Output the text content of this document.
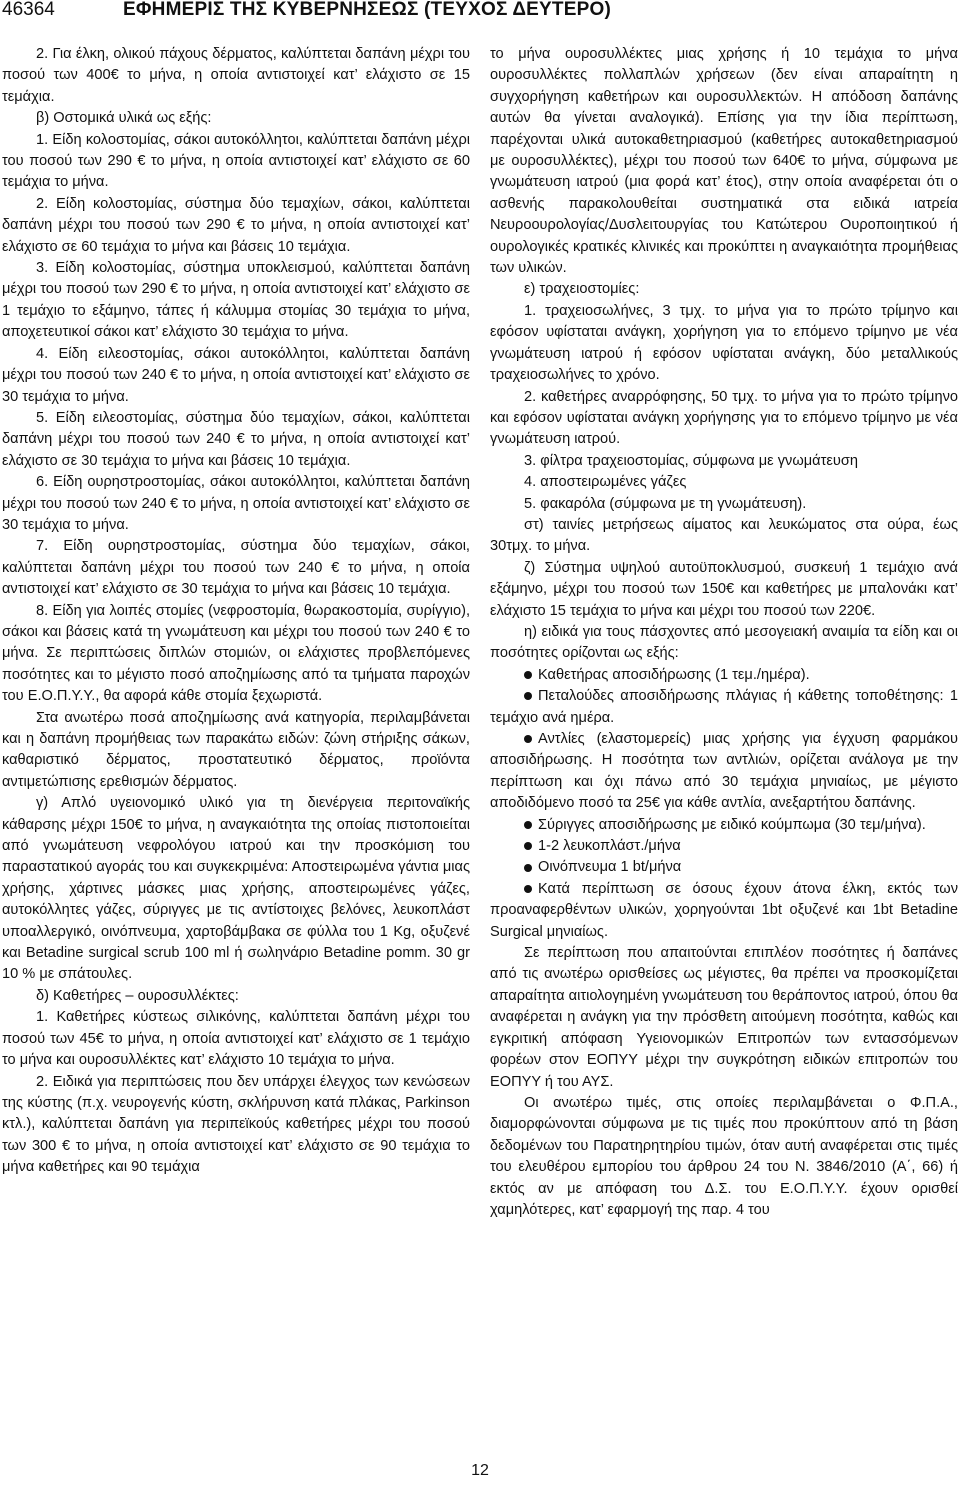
46364	ΕΦΗΜΕΡΙΣ ΤΗΣ ΚΥΒΕΡΝΗΣΕΩΣ (ΤΕΥΧΟΣ ΔΕΥΤΕΡΟ)

2. Για έλκη, ολικού πάχους δέρματος, καλύπτεται δαπάνη μέχρι του ποσού των 400€ το μήνα, η οποία αντιστοιχεί κατ’ ελάχιστο σε 15 τεμάχια.

β) Οστομικά υλικά ως εξής:

1. Είδη κολοστομίας, σάκοι αυτοκόλλητοι, καλύπτεται δαπάνη μέχρι του ποσού των 290 € το μήνα, η οποία αντιστοιχεί κατ’ ελάχιστο σε 60 τεμάχια το μήνα.

2. Είδη κολοστομίας, σύστημα δύο τεμαχίων, σάκοι, καλύπτεται δαπάνη μέχρι του ποσού των 290 € το μήνα, η οποία αντιστοιχεί κατ’ ελάχιστο σε 60 τεμάχια το μήνα και βάσεις 10 τεμάχια.

3. Είδη κολοστομίας, σύστημα υποκλεισμού, καλύπτεται δαπάνη μέχρι του ποσού των 290 € το μήνα, η οποία αντιστοιχεί κατ’ ελάχιστο σε 1 τεμάχιο το εξάμηνο, τάπες ή κάλυμμα στομίας 30 τεμάχια το μήνα, αποχετευτικοί σάκοι κατ’ ελάχιστο 30 τεμάχια το μήνα.

4. Είδη ειλεοστομίας, σάκοι αυτοκόλλητοι, καλύπτεται δαπάνη μέχρι του ποσού των 240 € το μήνα, η οποία αντιστοιχεί κατ’ ελάχιστο σε 30 τεμάχια το μήνα.

5. Είδη ειλεοστομίας, σύστημα δύο τεμαχίων, σάκοι, καλύπτεται δαπάνη μέχρι του ποσού των 240 € το μήνα, η οποία αντιστοιχεί κατ’ ελάχιστο σε 30 τεμάχια το μήνα και βάσεις 10 τεμάχια.

6. Είδη ουρηστροστομίας, σάκοι αυτοκόλλητοι, καλύπτεται δαπάνη μέχρι του ποσού των 240 € το μήνα, η οποία αντιστοιχεί κατ’ ελάχιστο σε 30 τεμάχια το μήνα.

7. Είδη ουρηστροστομίας, σύστημα δύο τεμαχίων, σάκοι, καλύπτεται δαπάνη μέχρι του ποσού των 240 € το μήνα, η οποία αντιστοιχεί κατ’ ελάχιστο σε 30 τεμάχια το μήνα και βάσεις 10 τεμάχια.

8. Είδη για λοιπές στομίες (νεφροστομία, θωρακοστομία, συρίγγιο), σάκοι και βάσεις κατά τη γνωμάτευση και μέχρι του ποσού των 240 € το μήνα. Σε περιπτώσεις διπλών στομιών, οι ελάχιστες προβλεπόμενες ποσότητες και το μέγιστο ποσό αποζημίωσης από τα τμήματα παροχών του Ε.Ο.Π.Υ.Υ., θα αφορά κάθε στομία ξεχωριστά.

Στα ανωτέρω ποσά αποζημίωσης ανά κατηγορία, περιλαμβάνεται και η δαπάνη προμήθειας των παρακάτω ειδών: ζώνη στήριξης σάκων, καθαριστικό δέρματος, προστατευτικό δέρματος, προϊόντα αντιμετώπισης ερεθισμών δέρματος.

γ) Απλό υγειονομικό υλικό για τη διενέργεια περιτοναϊκής κάθαρσης μέχρι 150€ το μήνα, η αναγκαιότητα της οποίας πιστοποιείται από γνωμάτευση νεφρολόγου ιατρού και την προσκόμιση του παραστατικού αγοράς του και συγκεκριμένα: Αποστειρωμένα γάντια μιας χρήσης, χάρτινες μάσκες μιας χρήσης, αποστειρωμένες γάζες, αυτοκόλλητες γάζες, σύριγγες με τις αντίστοιχες βελόνες, λευκοπλάστ υποαλλεργικό, οινόπνευμα, χαρτοβάμβακα σε φύλλα του 1 Kg, οξυζενέ και Betadine surgical scrub 100 ml ή σωληνάριο Betadine pomm. 30 gr 10 % με σπάτουλες.

δ) Καθετήρες – ουροσυλλέκτες:

1. Καθετήρες κύστεως σιλικόνης, καλύπτεται δαπάνη μέχρι του ποσού των 45€ το μήνα, η οποία αντιστοιχεί κατ’ ελάχιστο σε 1 τεμάχιο το μήνα και ουροσυλλέκτες κατ’ ελάχιστο 10 τεμάχια το μήνα.

2. Ειδικά για περιπτώσεις που δεν υπάρχει έλεγχος των κενώσεων της κύστης (π.χ. νευρογενής κύστη, σκλήρυνση κατά πλάκας, Parkinson κτλ.), καλύπτεται δαπάνη για περιπεϊκούς καθετήρες μέχρι του ποσού των 300 € το μήνα, η οποία αντιστοιχεί κατ’ ελάχιστο σε 90 τεμάχια το μήνα καθετήρες και 90 τεμάχια

το μήνα ουροσυλλέκτες μιας χρήσης ή 10 τεμάχια το μήνα ουροσυλλέκτες πολλαπλών χρήσεων (δεν είναι απαραίτητη η συγχορήγηση καθετήρων και ουροσυλλεκτών. Η απόδοση δαπάνης αυτών θα γίνεται αναλογικά). Επίσης για την ίδια περίπτωση, παρέχονται υλικά αυτοκαθετηριασμού (καθετήρες αυτοκαθετηριασμού με ουροσυλλέκτες), μέχρι του ποσού των 640€ το μήνα, σύμφωνα με γνωμάτευση ιατρού (μια φορά κατ’ έτος), στην οποία αναφέρεται ότι ο ασθενής παρακολουθείται συστηματικά στα ειδικά ιατρεία Νευροουρολογίας/Δυσλειτουργίας του Κατώτερου Ουροποιητικού ή ουρολογικές κρατικές κλινικές και προκύπτει η αναγκαιότητα προμήθειας των υλικών.

ε) τραχειοστομίες:

1. τραχειοσωλήνες, 3 τμχ. το μήνα για το πρώτο τρίμηνο και εφόσον υφίσταται ανάγκη, χορήγηση για το επόμενο τρίμηνο με νέα γνωμάτευση ιατρού ή εφόσον υφίσταται ανάγκη, δύο μεταλλικούς τραχειοσωλήνες το χρόνο.

2. καθετήρες αναρρόφησης, 50 τμχ. το μήνα για το πρώτο τρίμηνο και εφόσον υφίσταται ανάγκη χορήγησης για το επόμενο τρίμηνο με νέα γνωμάτευση ιατρού.

3. φίλτρα τραχειοστομίας, σύμφωνα με γνωμάτευση

4. αποστειρωμένες γάζες

5. φακαρόλα (σύμφωνα με τη γνωμάτευση).

στ) ταινίες μετρήσεως αίματος και λευκώματος στα ούρα, έως 30τμχ. το μήνα.

ζ) Σύστημα υψηλού αυτοϋποκλυσμού, συσκευή 1 τεμάχιο ανά εξάμηνο, μέχρι του ποσού των 150€ και καθετήρες με μπαλονάκι κατ’ ελάχιστο 15 τεμάχια το μήνα και μέχρι του ποσού των 220€.

η) ειδικά για τους πάσχοντες από μεσογειακή αναιμία τα είδη και οι ποσότητες ορίζονται ως εξής:

Καθετήρας αποσιδήρωσης (1 τεμ./ημέρα).

Πεταλούδες αποσιδήρωσης πλάγιας ή κάθετης τοποθέτησης: 1 τεμάχιο ανά ημέρα.

Αντλίες (ελαστομερείς) μιας χρήσης για έγχυση φαρμάκου αποσιδήρωσης. Η ποσότητα των αντλιών, ορίζεται ανάλογα με την περίπτωση και όχι πάνω από 30 τεμάχια μηνιαίως, με μέγιστο αποδιδόμενο ποσό τα 25€ για κάθε αντλία, ανεξαρτήτου δαπάνης.

Σύριγγες αποσιδήρωσης με ειδικό κούμπωμα (30 τεμ/μήνα).

1-2 λευκοπλάστ./μήνα

Οινόπνευμα 1 bt/μήνα

Κατά περίπτωση σε όσους έχουν άτονα έλκη, εκτός των προαναφερθέντων υλικών, χορηγούνται 1bt οξυζενέ και 1bt Betadine Surgical μηνιαίως.

Σε περίπτωση που απαιτούνται επιπλέον ποσότητες ή δαπάνες από τις ανωτέρω ορισθείσες ως μέγιστες, θα πρέπει να προσκομίζεται απαραίτητα αιτιολογημένη γνωμάτευση του θεράποντος ιατρού, όπου θα αναφέρεται η ανάγκη για την πρόσθετη αιτούμενη ποσότητα, καθώς και εγκριτική απόφαση Υγειονομικών Επιτροπών των εντασσόμενων φορέων στον ΕΟΠΥΥ μέχρι την συγκρότηση ειδικών επιτροπών του ΕΟΠΥΥ ή του ΑΥΣ.

Οι ανωτέρω τιμές, στις οποίες περιλαμβάνεται ο Φ.Π.Α., διαμορφώνονται σύμφωνα με τις τιμές που προκύπτουν από τη βάση δεδομένων του Παρατηρητηρίου τιμών, όταν αυτή αναφέρεται στις τιμές του ελευθέρου εμπορίου του άρθρου 24 του Ν. 3846/2010 (Α΄, 66) ή εκτός αν με απόφαση του Δ.Σ. του Ε.Ο.Π.Υ.Υ. έχουν ορισθεί χαμηλότερες, κατ’ εφαρμογή της παρ. 4 του

12
